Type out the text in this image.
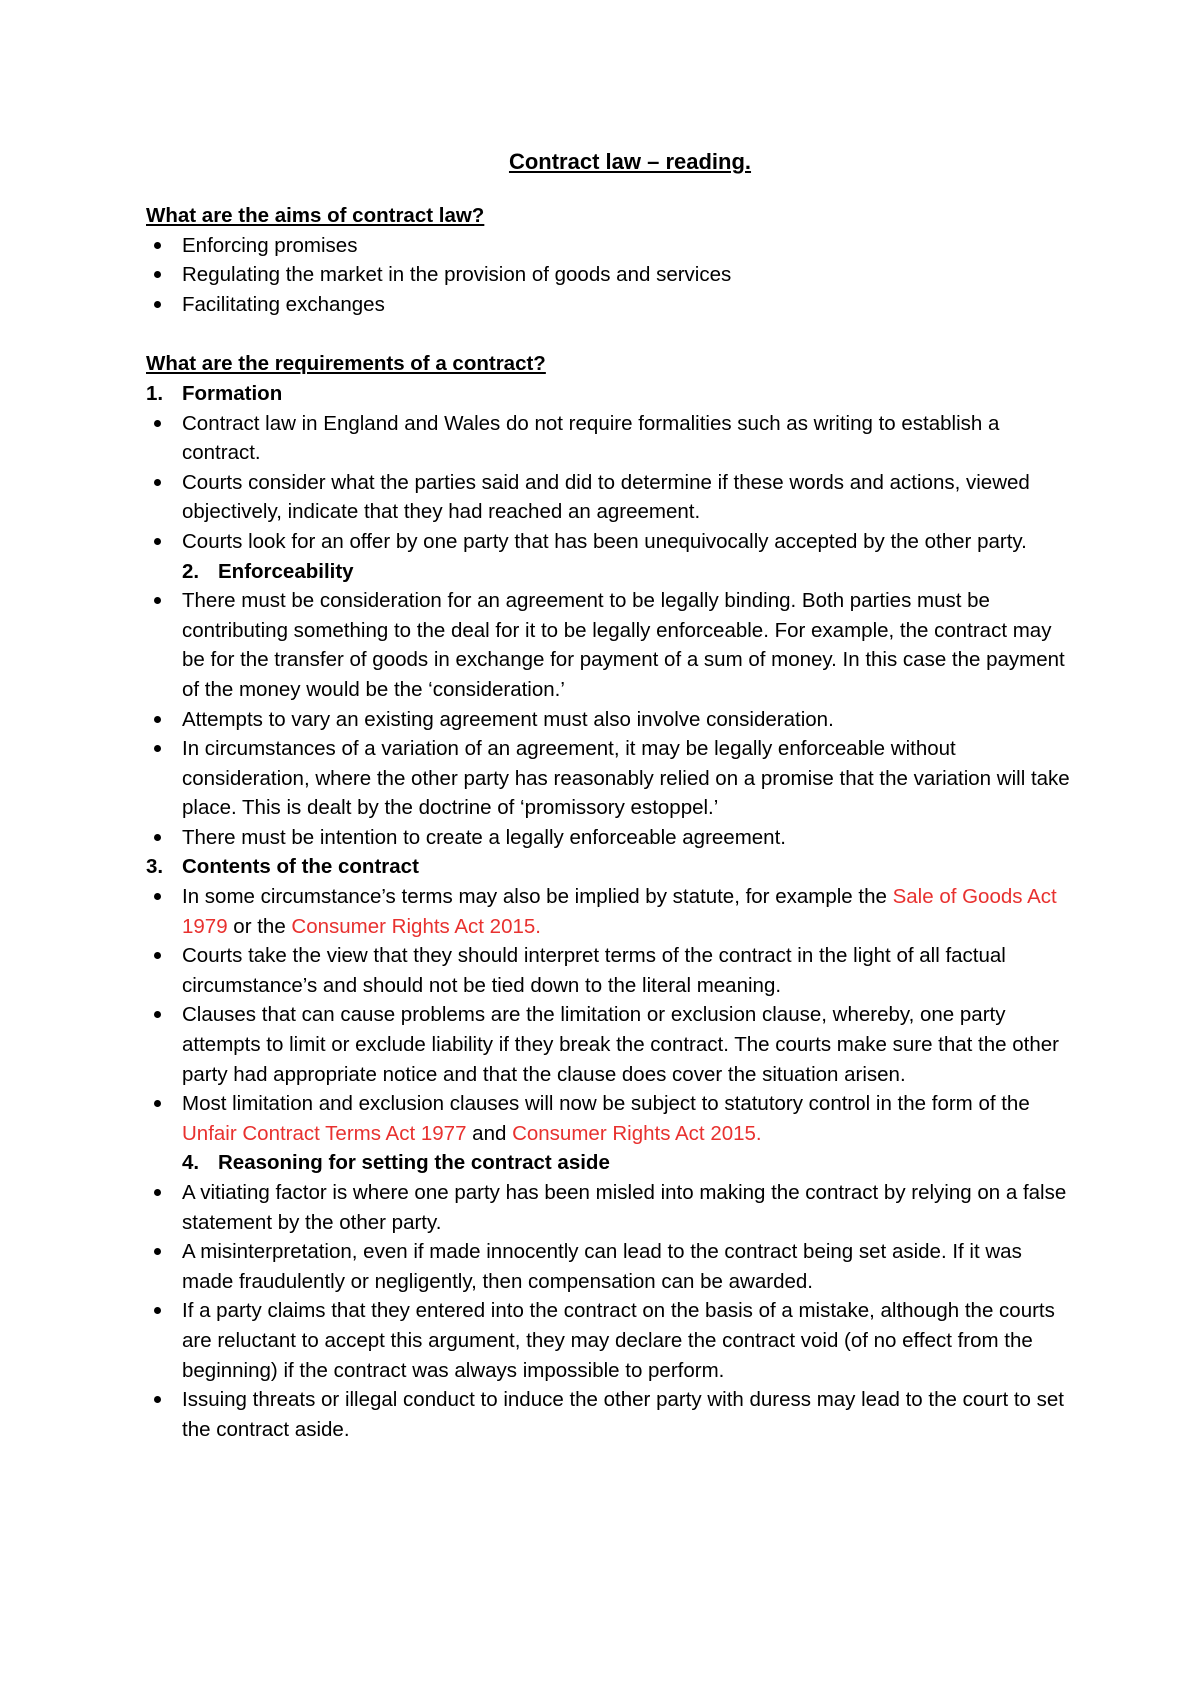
Contract law – reading.

What are the aims of contract law?

Enforcing promises
Regulating the market in the provision of goods and services
Facilitating exchanges

What are the requirements of a contract?

1. Formation
Contract law in England and Wales do not require formalities such as writing to establish a contract.
Courts consider what the parties said and did to determine if these words and actions, viewed objectively, indicate that they had reached an agreement.
Courts look for an offer by one party that has been unequivocally accepted by the other party.
2. Enforceability
There must be consideration for an agreement to be legally binding. Both parties must be contributing something to the deal for it to be legally enforceable. For example, the contract may be for the transfer of goods in exchange for payment of a sum of money. In this case the payment of the money would be the ‘consideration.’
Attempts to vary an existing agreement must also involve consideration.
In circumstances of a variation of an agreement, it may be legally enforceable without consideration, where the other party has reasonably relied on a promise that the variation will take place. This is dealt by the doctrine of ‘promissory estoppel.’
There must be intention to create a legally enforceable agreement.
3. Contents of the contract
In some circumstance’s terms may also be implied by statute, for example the Sale of Goods Act 1979 or the Consumer Rights Act 2015.
Courts take the view that they should interpret terms of the contract in the light of all factual circumstance’s and should not be tied down to the literal meaning.
Clauses that can cause problems are the limitation or exclusion clause, whereby, one party attempts to limit or exclude liability if they break the contract. The courts make sure that the other party had appropriate notice and that the clause does cover the situation arisen.
Most limitation and exclusion clauses will now be subject to statutory control in the form of the Unfair Contract Terms Act 1977 and Consumer Rights Act 2015.
4. Reasoning for setting the contract aside
A vitiating factor is where one party has been misled into making the contract by relying on a false statement by the other party.
A misinterpretation, even if made innocently can lead to the contract being set aside. If it was made fraudulently or negligently, then compensation can be awarded.
If a party claims that they entered into the contract on the basis of a mistake, although the courts are reluctant to accept this argument, they may declare the contract void (of no effect from the beginning) if the contract was always impossible to perform.
Issuing threats or illegal conduct to induce the other party with duress may lead to the court to set the contract aside.
